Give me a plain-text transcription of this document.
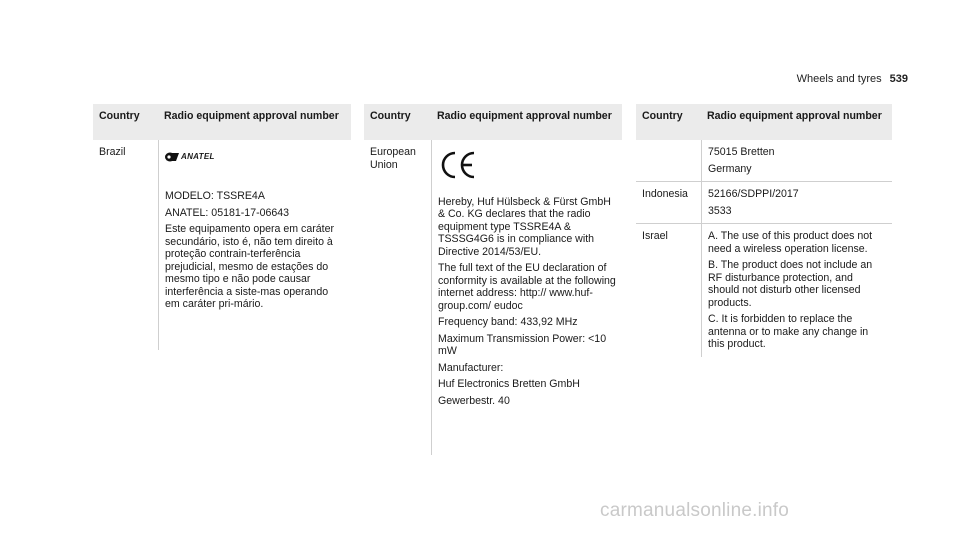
Wheels and tyres 539
Country	Radio equipment approval number
Brazil	ANATEL

MODELO: TSSRE4A

ANATEL: 05181-17-06643

Este equipamento opera em caráter secundário, isto é, não tem direito à proteção contrain-terferência prejudicial, mesmo de estações do mesmo tipo e não pode causar interferência a siste-mas operando em caráter pri-mário.

Country	Radio equipment approval number
European Union

Hereby, Huf Hülsbeck & Fürst GmbH & Co. KG declares that the radio equipment type TSSRE4A & TSSSG4G6 is in compliance with Directive 2014/53/EU.

The full text of the EU declaration of conformity is available at the following internet address: http:// www.huf-group.com/ eudoc

Frequency band: 433,92 MHz

Maximum Transmission Power: <10 mW

Manufacturer:

Huf Electronics Bretten GmbH

Gewerbestr. 40

Country	Radio equipment approval number

75015 Bretten

Germany

Indonesia	52166/SDPPI/2017

3533

Israel	A. The use of this product does not need a wireless operation license.

B. The product does not include an RF disturbance protection, and should not disturb other licensed products.

C. It is forbidden to replace the antenna or to make any change in this product.

carmanualsonline.info
